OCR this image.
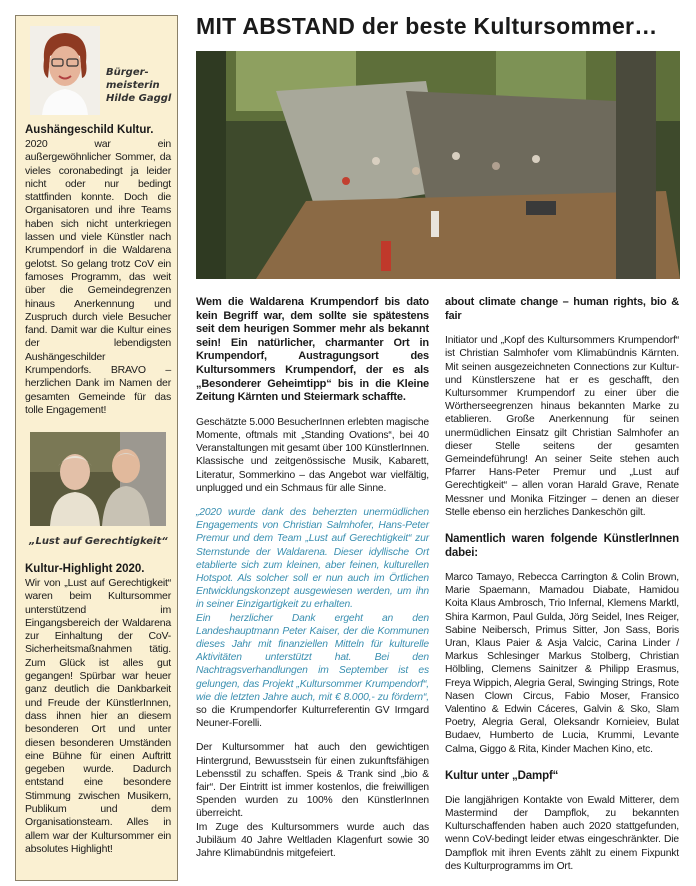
MIT ABSTAND der beste Kultursommer…
Bürger-meisterin Hilde Gaggl
Aushängeschild Kultur.
2020 war ein außergewöhnlicher Sommer, da vieles coronabedingt ja leider nicht oder nur bedingt stattfinden konnte. Doch die Organisatoren und ihre Teams haben sich nicht unterkriegen lassen und viele Künstler nach Krumpendorf in die Waldarena gelotst. So gelang trotz CoV ein famoses Programm, das weit über die Gemeindegrenzen hinaus Anerkennung und Zuspruch durch viele Besucher fand. Damit war die Kultur eines der lebendigsten Aushängeschilder Krumpendorfs. BRAVO – herzlichen Dank im Namen der gesamten Gemeinde für das tolle Engagement!
„Lust auf Gerechtigkeit“
Kultur-Highlight 2020.
Wir von „Lust auf Gerechtigkeit“ waren beim Kultursommer unterstützend im Eingangsbereich der Waldarena zur Einhaltung der CoV-Sicherheitsmaßnahmen tätig. Zum Glück ist alles gut gegangen! Spürbar war heuer ganz deutlich die Dankbarkeit und Freude der KünstlerInnen, dass ihnen hier an diesem besonderen Ort und unter diesen besonderen Umständen eine Bühne für einen Auftritt gegeben wurde. Dadurch entstand eine besondere Stimmung zwischen Musikern, Publikum und dem Organisationsteam. Alles in allem war der Kultursommer ein absolutes Highlight!

Wem die Waldarena Krumpendorf bis dato kein Begriff war, dem sollte sie spätestens seit dem heurigen Sommer mehr als bekannt sein! Ein natürlicher, charmanter Ort in Krumpendorf, Austragungsort des Kultursommers Krumpendorf, der es als „Besonderer Geheimtipp“ bis in die Kleine Zeitung Kärnten und Steiermark schaffte.

Geschätzte 5.000 BesucherInnen erlebten magische Momente, oftmals mit „Standing Ovations“, bei 40 Veranstaltungen mit gesamt über 100 KünstlerInnen. Klassische und zeitgenössische Musik, Kabarett, Literatur, Sommerkino – das Angebot war vielfältig, unplugged und ein Schmaus für alle Sinne.

„2020 wurde dank des beherzten unermüdlichen Engagements von Christian Salmhofer, Hans-Peter Premur und dem Team „Lust auf Gerechtigkeit“ zur Sternstunde der Waldarena. Dieser idyllische Ort etablierte sich zum kleinen, aber feinen, kulturellen Hotspot. Als solcher soll er nun auch im Örtlichen Entwicklungskonzept ausgewiesen werden, um ihn in seiner Einzigartigkeit zu erhalten.

Ein herzlicher Dank ergeht an den Landeshauptmann Peter Kaiser, der die Kommunen dieses Jahr mit finanziellen Mitteln für kulturelle Aktivitäten unterstützt hat. Bei den Nachtragsverhandlungen im September ist es gelungen, das Projekt „Kultursommer Krumpendorf“, wie die letzten Jahre auch, mit € 8.000,- zu fördern“, so die Krumpendorfer Kulturreferentin GV Irmgard Neuner-Forelli.

Der Kultursommer hat auch den gewichtigen Hintergrund, Bewusstsein für einen zukunftsfähigen Lebensstil zu schaffen. Speis & Trank sind „bio & fair“. Der Eintritt ist immer kostenlos, die freiwilligen Spenden wurden zu 100% den KünstlerInnen überreicht.

Im Zuge des Kultursommers wurde auch das Jubiläum 40 Jahre Weltladen Klagenfurt sowie 30 Jahre Klimabündnis mitgefeiert.

about climate change – human rights, bio & fair

Initiator und „Kopf des Kultursommers Krumpendorf“ ist Christian Salmhofer vom Klimabündnis Kärnten. Mit seinen ausgezeichneten Connections zur Kultur- und Künstlerszene hat er es geschafft, den Kultursommer Krumpendorf zu einer über die Wörtherseegrenzen hinaus bekannten Marke zu etablieren. Große Anerkennung für seinen unermüdlichen Einsatz gilt Christian Salmhofer an dieser Stelle seitens der gesamten Gemeindeführung! An seiner Seite stehen auch Pfarrer Hans-Peter Premur und „Lust auf Gerechtigkeit“ – allen voran Harald Grave, Renate Messner und Monika Fitzinger – denen an dieser Stelle ebenso ein herzliches Dankeschön gilt.

Namentlich waren folgende KünstlerInnen dabei:

Marco Tamayo, Rebecca Carrington & Colin Brown, Marie Spaemann, Mamadou Diabate, Hamidou Koita Klaus Ambrosch, Trio Infernal, Klemens Marktl, Shira Karmon, Paul Gulda, Jörg Seidel, Ines Reiger, Sabine Neibersch, Primus Sitter, Jon Sass, Boris Uran, Klaus Paier & Asja Valcic, Carina Linder / Markus Schlesinger Markus Stolberg, Christian Hölbling, Clemens Sainitzer & Philipp Erasmus, Freya Wippich, Alegria Geral, Swinging Strings, Rote Nasen Clown Circus, Fabio Moser, Fransico Valentino & Edwin Cáceres, Galvin & Sko, Slam Poetry, Alegria Geral, Oleksandr Kornieiev, Bulat Budaev, Humberto de Lucia, Krummi, Levante Calma, Giggo & Rita, Kinder Machen Kino, etc.

Kultur unter „Dampf“

Die langjährigen Kontakte von Ewald Mitterer, dem Mastermind der Dampflok, zu bekannten Kulturschaffenden haben auch 2020 stattgefunden, wenn CoV-bedingt leider etwas eingeschränkter. Die Dampflok mit ihren Events zählt zu einem Fixpunkt des Kulturprogramms im Ort.
